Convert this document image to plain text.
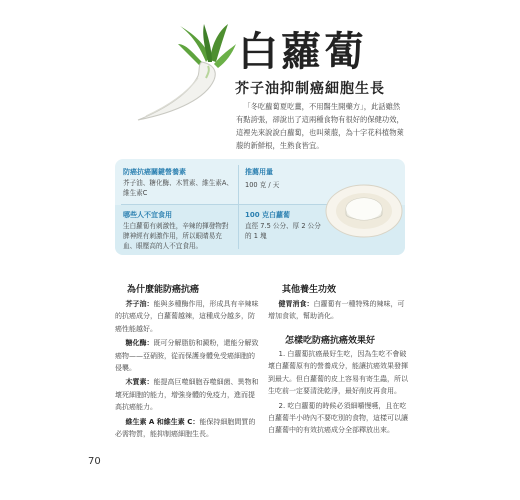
白蘿蔔
芥子油抑制癌細胞生長

「冬吃蘿蔔夏吃薑，不用醫生開藥方」，此話雖然有點誇張，卻說出了這兩種食物有很好的保健功效，這裡先來說說白蘿蔔，也叫萊菔，為十字花科植物萊菔的新鮮根，生熟食皆宜。

防癌抗癌關鍵營養素
芥子油、糖化酶、木質素、維生素A、維生素C
推薦用量
100 克 / 天
哪些人不宜食用
生白蘿蔔有刺激性，辛辣的揮發物對脾神經有刺激作用，所以眼睛易充血、眼壓高的人不宜食用。
100 克白蘿蔔
直徑 7.5 公分、厚 2 公分的 1 塊
為什麼能防癌抗癌

芥子油：能與多種酶作用，形成具有辛辣味的抗癌成分，白蘿蔔越辣，這種成分越多，防癌性能越好。

糖化酶：既可分解脂肪和澱粉，還能分解致癌物——亞硝胺，從而保護身體免受癌細胞的侵襲。

木質素：能提高巨噬細胞吞噬細菌、異物和壞死細胞的能力，增強身體的免疫力，進而提高抗癌能力。

維生素 A 和維生素 C：能保持細胞間質的必需物質，能抑制癌細胞生長。

其他養生功效

健胃消食：白蘿蔔有一種特殊的辣味，可增加食欲，幫助消化。

怎樣吃防癌抗癌效果好

1. 白蘿蔔抗癌最好生吃，因為生吃不會破壞白蘿蔔原有的營養成分，能讓抗癌效果發揮到最大。但白蘿蔔的皮上容易有寄生蟲，所以生吃前一定要清洗乾淨，最好削皮再食用。

2. 吃白蘿蔔的時候必須細嚼慢嚥，且在吃白蘿蔔半小時內不要吃別的食物，這樣可以讓白蘿蔔中的有效抗癌成分全部釋放出來。

70
